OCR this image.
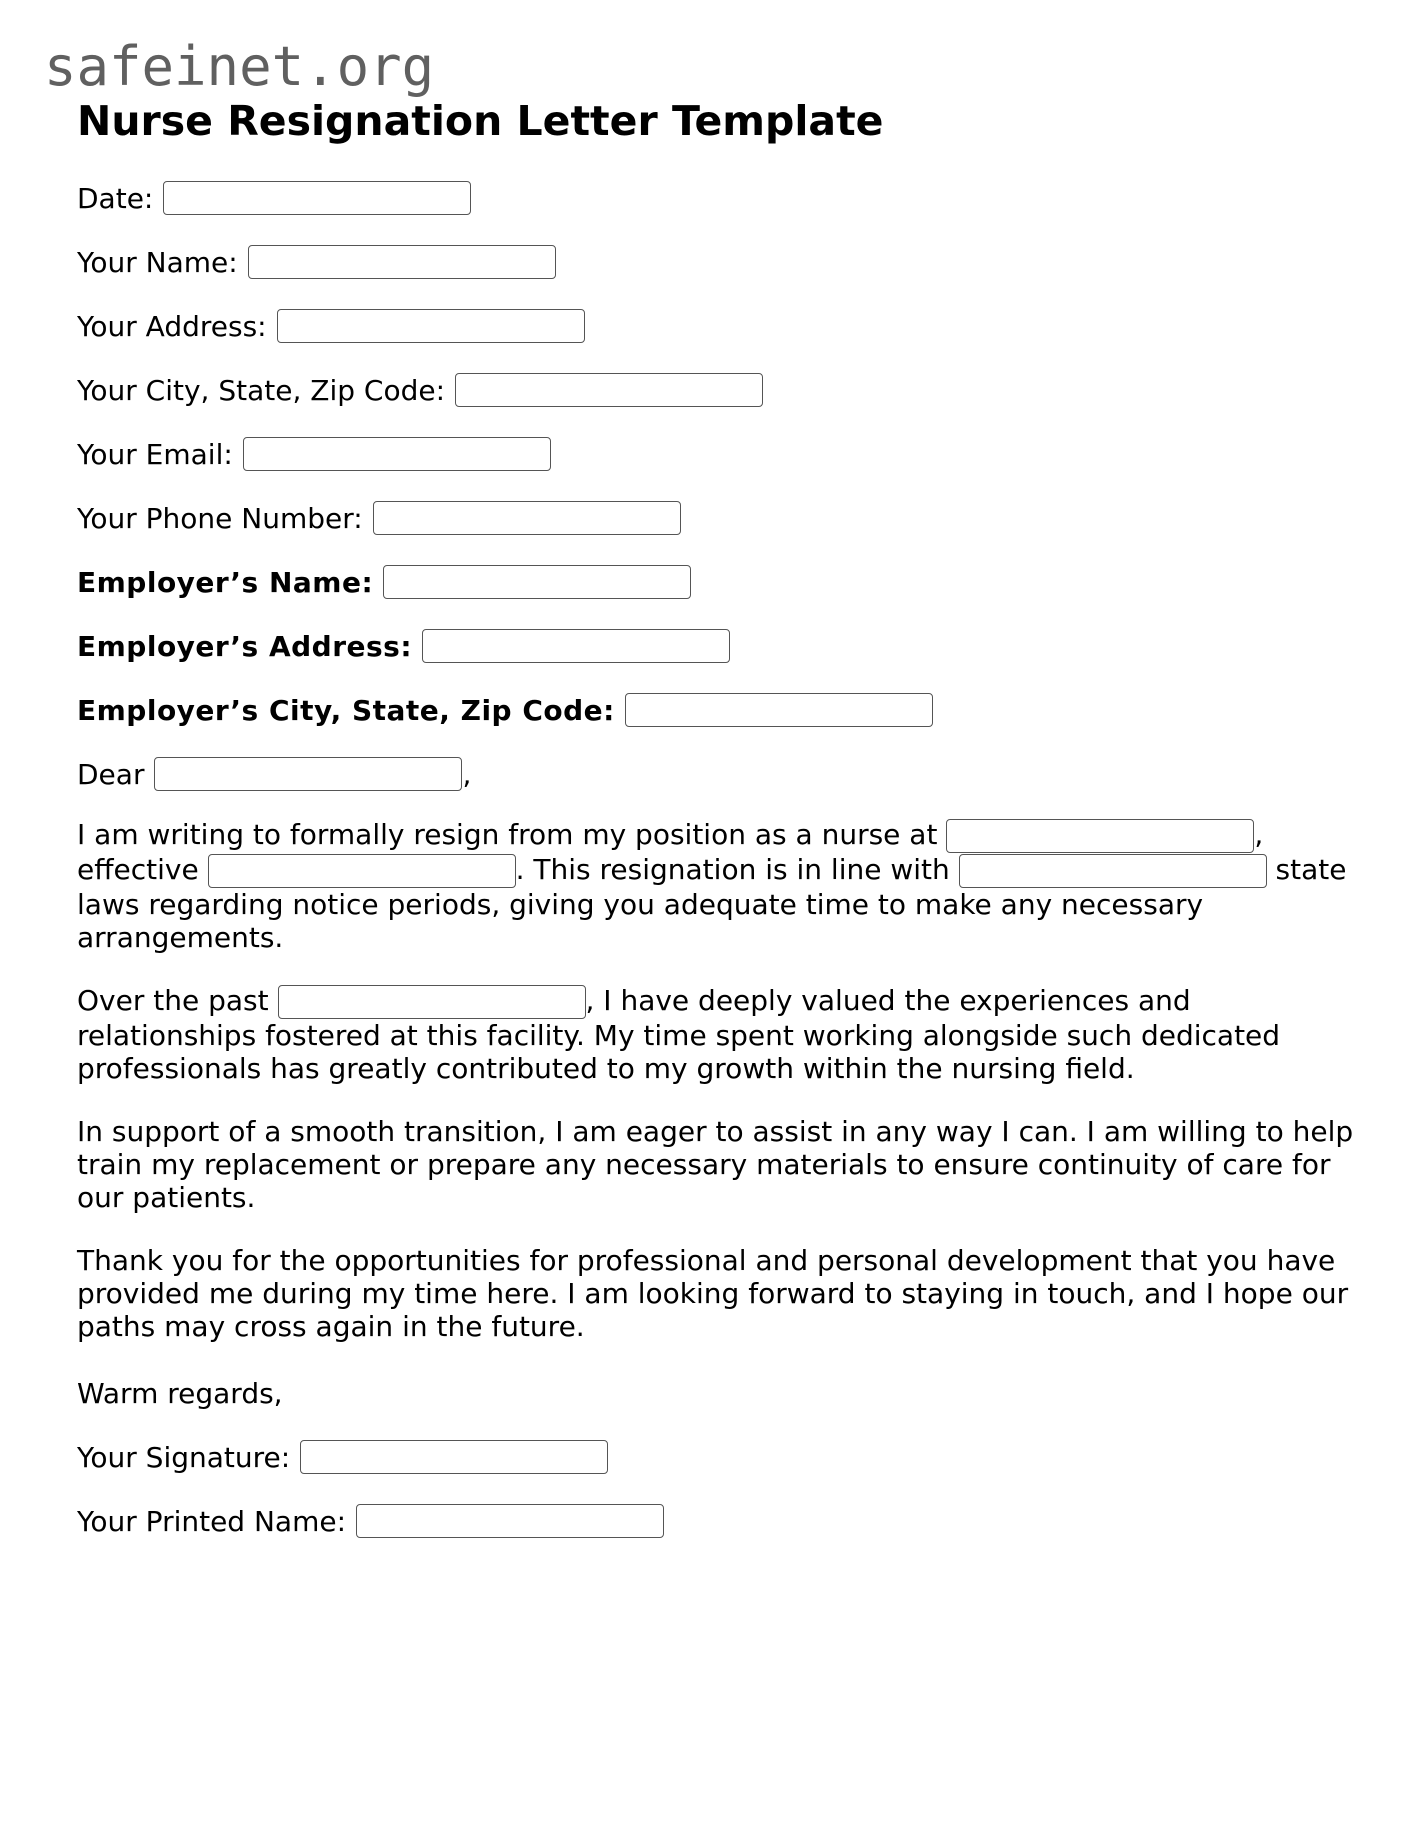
safeinet.org
Nurse Resignation Letter Template
Date:
Your Name:
Your Address:
Your City, State, Zip Code:
Your Email:
Your Phone Number:
Employer’s Name:
Employer’s Address:
Employer’s City, State, Zip Code:
Dear	,

I am writing to formally resign from my position as a nurse at	,
effective	. This resignation is in line with	state laws regarding notice periods, giving you adequate time to make any necessary arrangements.

Over the past	, I have deeply valued the experiences and relationships fostered at this facility. My time spent working alongside such dedicated professionals has greatly contributed to my growth within the nursing field.

In support of a smooth transition, I am eager to assist in any way I can. I am willing to help train my replacement or prepare any necessary materials to ensure continuity of care for our patients.

Thank you for the opportunities for professional and personal development that you have provided me during my time here. I am looking forward to staying in touch, and I hope our paths may cross again in the future.

Warm regards,
Your Signature:
Your Printed Name:
